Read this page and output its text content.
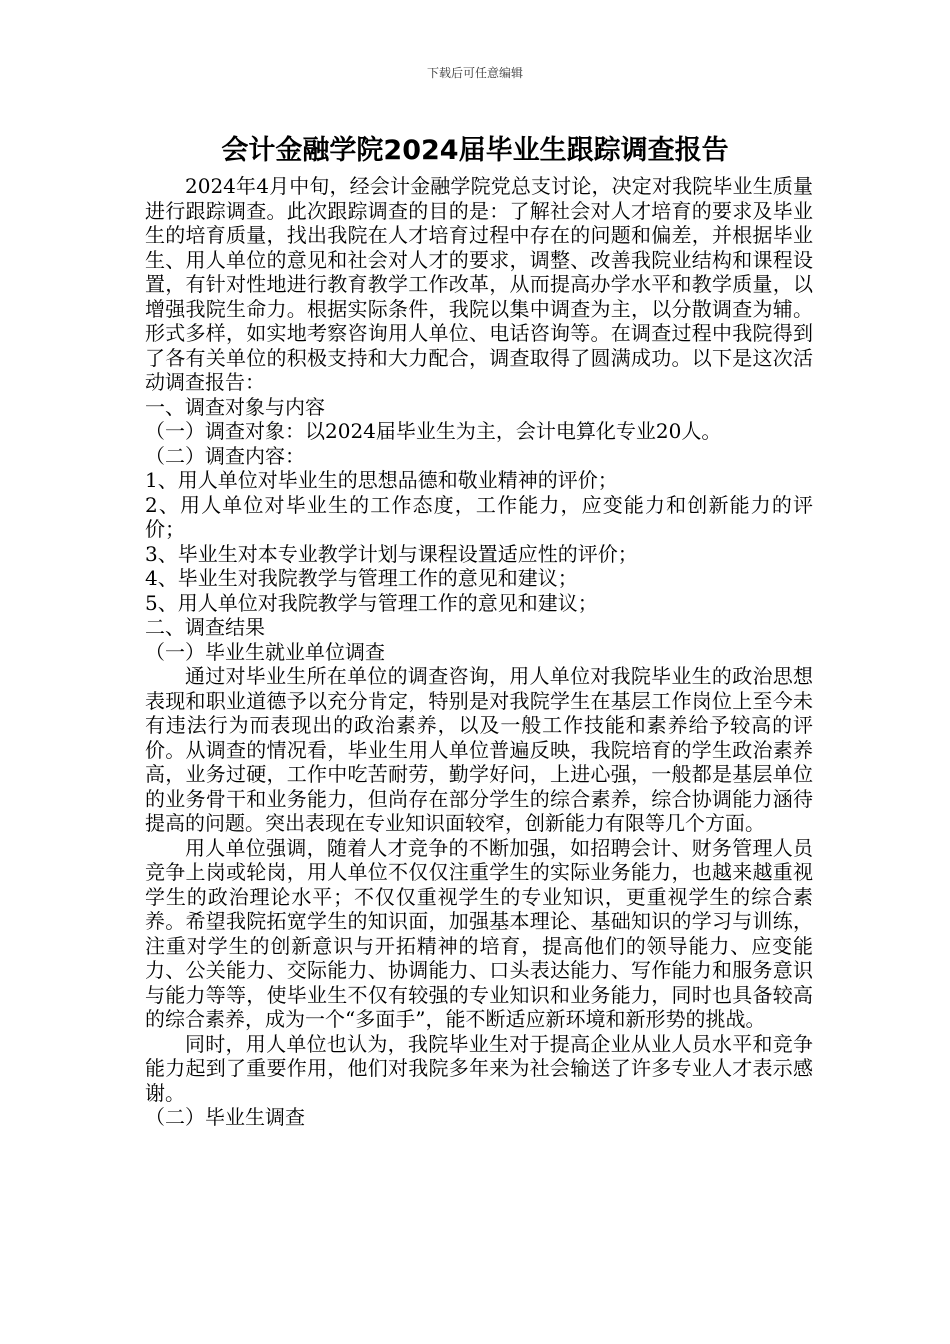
下载后可任意编辑
会计金融学院2024届毕业生跟踪调查报告

2024年4月中旬，经会计金融学院党总支讨论，决定对我院毕业生质量进行跟踪调查。此次跟踪调查的目的是：了解社会对人才培育的要求及毕业生的培育质量，找出我院在人才培育过程中存在的问题和偏差，并根据毕业生、用人单位的意见和社会对人才的要求，调整、改善我院业结构和课程设置，有针对性地进行教育教学工作改革，从而提高办学水平和教学质量，以增强我院生命力。根据实际条件，我院以集中调查为主，以分散调查为辅。形式多样，如实地考察咨询用人单位、电话咨询等。在调查过程中我院得到了各有关单位的积极支持和大力配合，调查取得了圆满成功。以下是这次活动调查报告：

一、调查对象与内容

（一）调查对象：以2024届毕业生为主，会计电算化专业20人。

（二）调查内容：

1、用人单位对毕业生的思想品德和敬业精神的评价；

2、用人单位对毕业生的工作态度，工作能力，应变能力和创新能力的评价；

3、毕业生对本专业教学计划与课程设置适应性的评价；

4、毕业生对我院教学与管理工作的意见和建议；

5、用人单位对我院教学与管理工作的意见和建议；

二、调查结果

（一）毕业生就业单位调查

通过对毕业生所在单位的调查咨询，用人单位对我院毕业生的政治思想表现和职业道德予以充分肯定，特别是对我院学生在基层工作岗位上至今未有违法行为而表现出的政治素养，以及一般工作技能和素养给予较高的评价。从调查的情况看，毕业生用人单位普遍反映，我院培育的学生政治素养高，业务过硬，工作中吃苦耐劳，勤学好问，上进心强，一般都是基层单位的业务骨干和业务能力，但尚存在部分学生的综合素养，综合协调能力涵待提高的问题。突出表现在专业知识面较窄，创新能力有限等几个方面。

用人单位强调，随着人才竞争的不断加强，如招聘会计、财务管理人员竞争上岗或轮岗，用人单位不仅仅注重学生的实际业务能力，也越来越重视学生的政治理论水平；不仅仅重视学生的专业知识，更重视学生的综合素养。希望我院拓宽学生的知识面，加强基本理论、基础知识的学习与训练，注重对学生的创新意识与开拓精神的培育，提高他们的领导能力、应变能力、公关能力、交际能力、协调能力、口头表达能力、写作能力和服务意识与能力等等，使毕业生不仅有较强的专业知识和业务能力，同时也具备较高的综合素养，成为一个“多面手”，能不断适应新环境和新形势的挑战。

同时，用人单位也认为，我院毕业生对于提高企业从业人员水平和竞争能力起到了重要作用，他们对我院多年来为社会输送了许多专业人才表示感谢。

（二）毕业生调查
